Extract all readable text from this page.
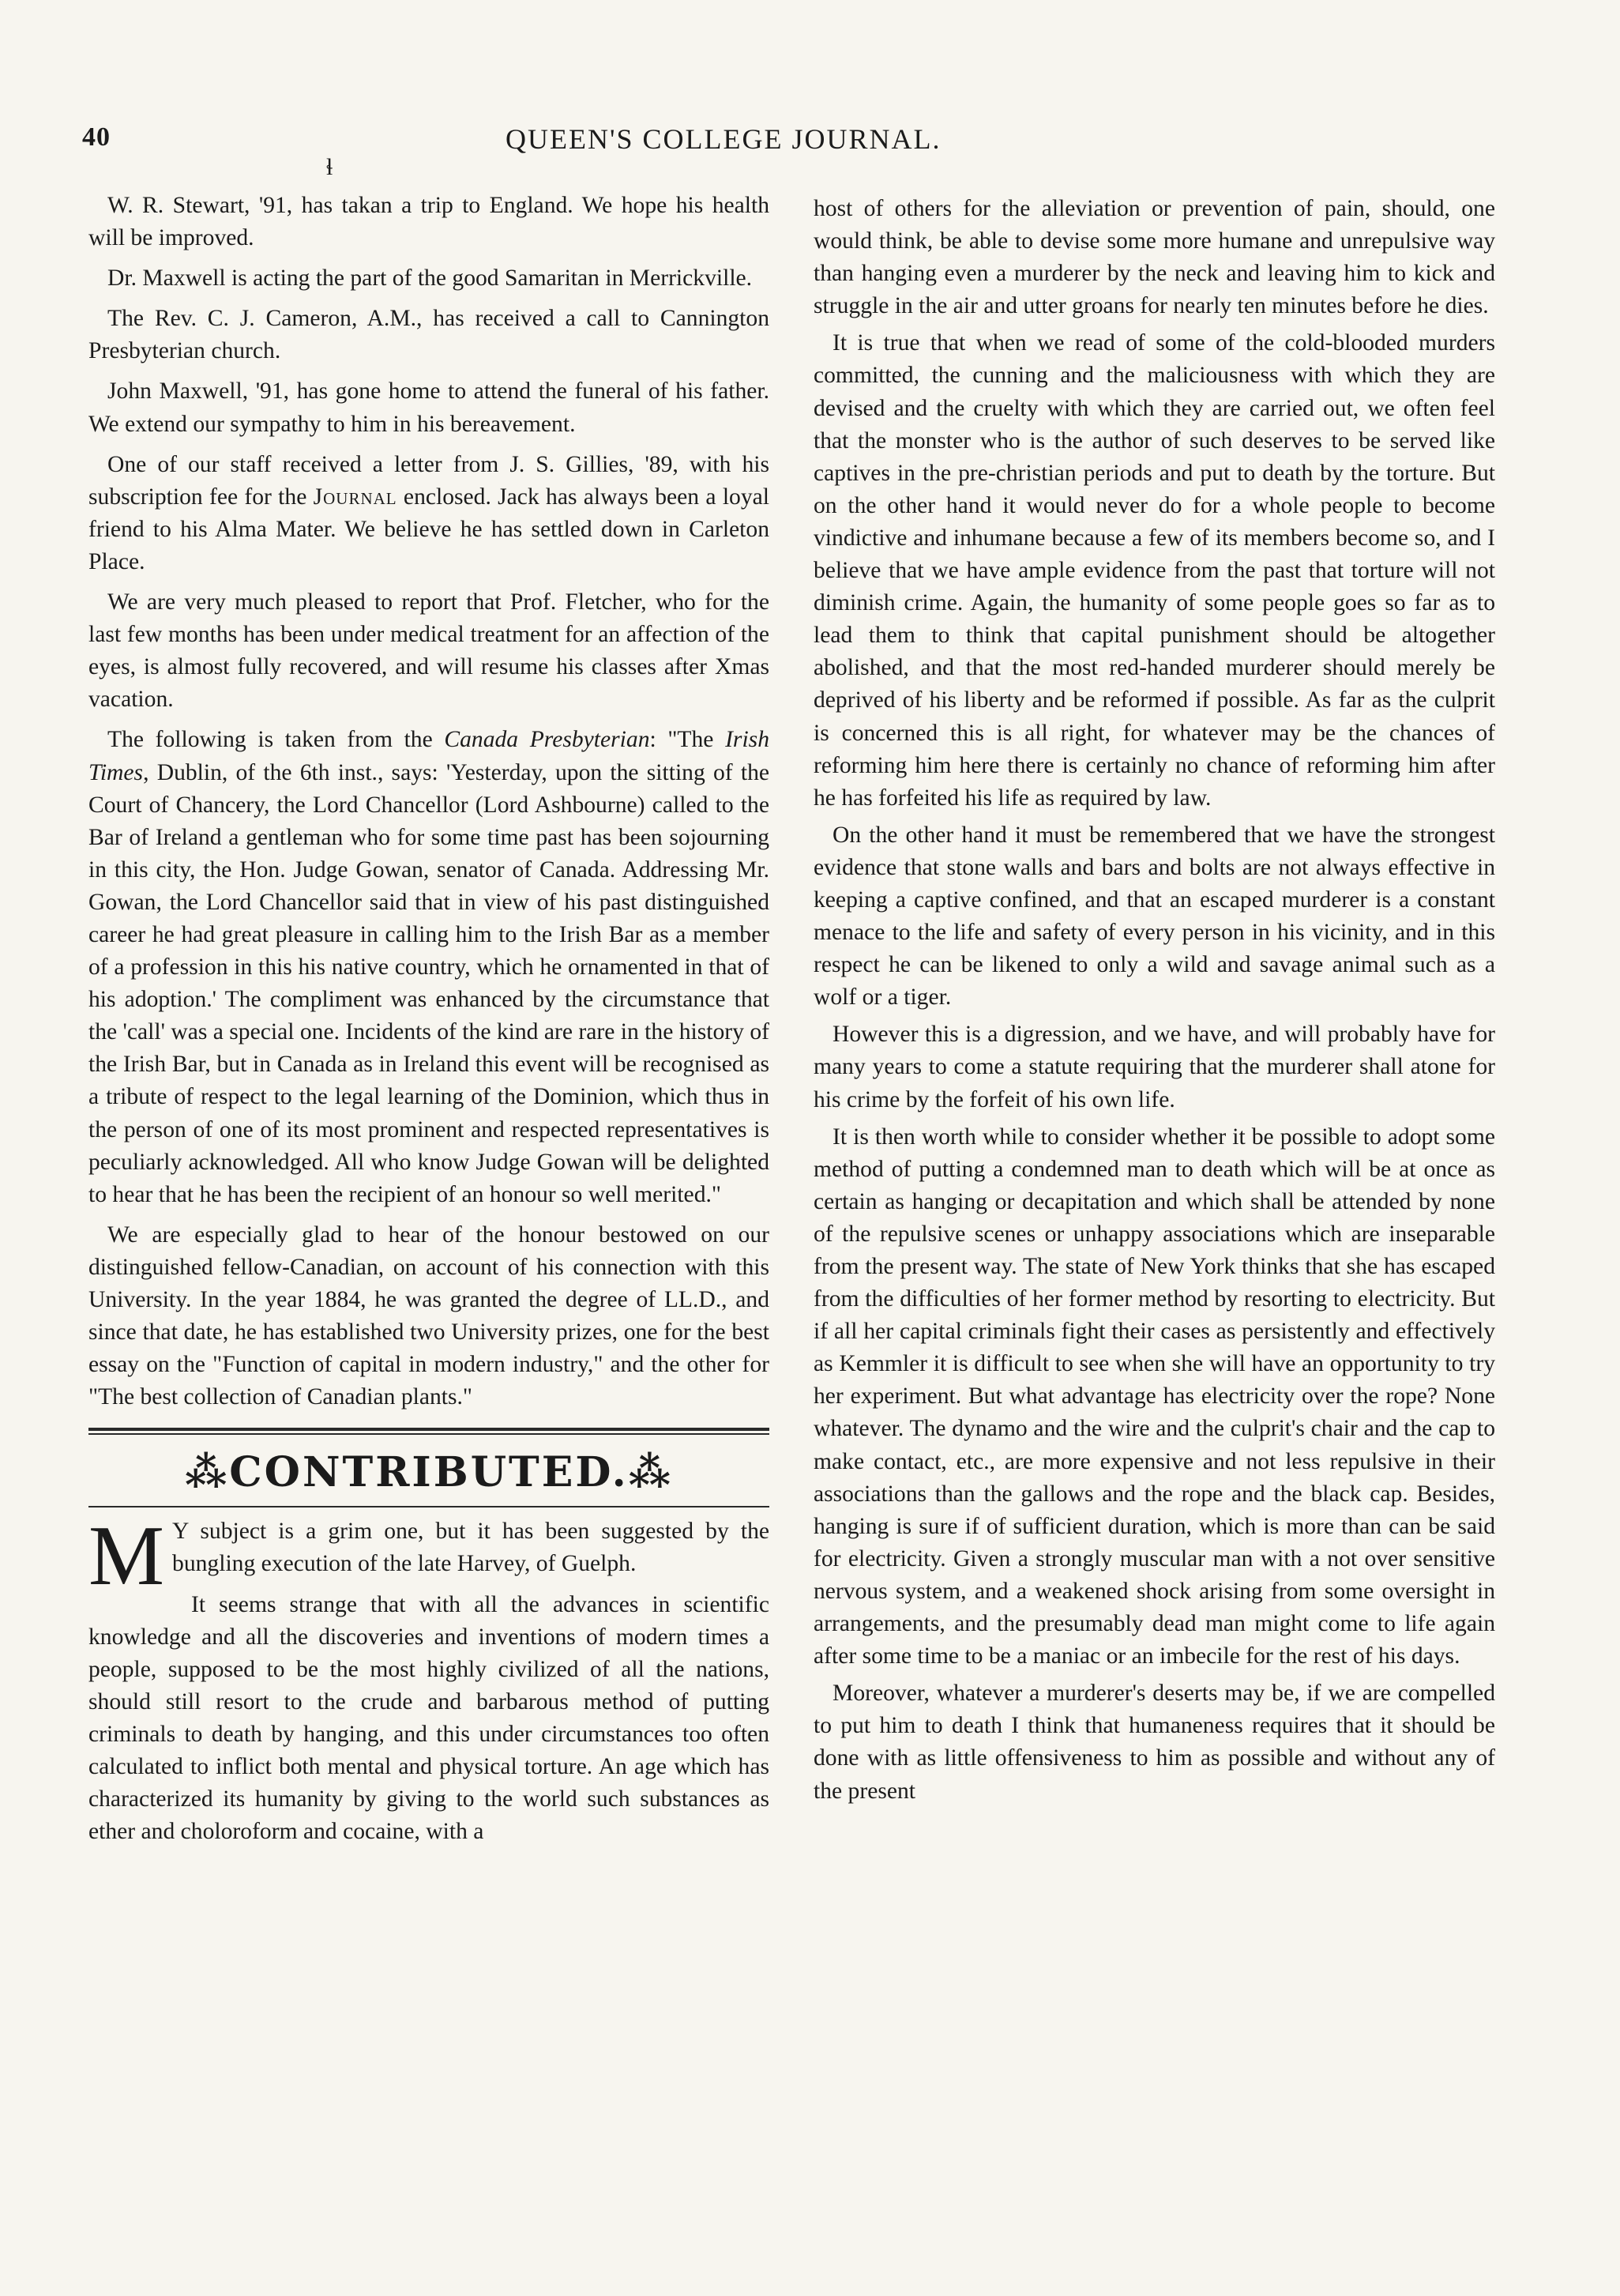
40	QUEEN'S COLLEGE JOURNAL.
ɬ

W. R. Stewart, '91, has takan a trip to England. We hope his health will be improved.

Dr. Maxwell is acting the part of the good Samaritan in Merrickville.

The Rev. C. J. Cameron, A.M., has received a call to Cannington Presbyterian church.

John Maxwell, '91, has gone home to attend the funeral of his father. We extend our sympathy to him in his bereavement.

One of our staff received a letter from J. S. Gillies, '89, with his subscription fee for the Journal enclosed. Jack has always been a loyal friend to his Alma Mater. We believe he has settled down in Carleton Place.

We are very much pleased to report that Prof. Fletcher, who for the last few months has been under medical treatment for an affection of the eyes, is almost fully recovered, and will resume his classes after Xmas vacation.

The following is taken from the Canada Presbyterian: "The Irish Times, Dublin, of the 6th inst., says: 'Yesterday, upon the sitting of the Court of Chancery, the Lord Chancellor (Lord Ashbourne) called to the Bar of Ireland a gentleman who for some time past has been sojourning in this city, the Hon. Judge Gowan, senator of Canada. Addressing Mr. Gowan, the Lord Chancellor said that in view of his past distinguished career he had great pleasure in calling him to the Irish Bar as a member of a profession in this his native country, which he ornamented in that of his adoption.' The compliment was enhanced by the circumstance that the 'call' was a special one. Incidents of the kind are rare in the history of the Irish Bar, but in Canada as in Ireland this event will be recognised as a tribute of respect to the legal learning of the Dominion, which thus in the person of one of its most prominent and respected representatives is peculiarly acknowledged. All who know Judge Gowan will be delighted to hear that he has been the recipient of an honour so well merited."

We are especially glad to hear of the honour bestowed on our distinguished fellow-Canadian, on account of his connection with this University. In the year 1884, he was granted the degree of LL.D., and since that date, he has established two University prizes, one for the best essay on the "Function of capital in modern industry," and the other for "The best collection of Canadian plants."

⁂CONTRIBUTED.⁂

M Y subject is a grim one, but it has been suggested by the bungling execution of the late Harvey, of Guelph.

It seems strange that with all the advances in scientific knowledge and all the discoveries and inventions of modern times a people, supposed to be the most highly civilized of all the nations, should still resort to the crude and barbarous method of putting criminals to death by hanging, and this under circumstances too often calculated to inflict both mental and physical torture. An age which has characterized its humanity by giving to the world such substances as ether and choloroform and cocaine, with a

host of others for the alleviation or prevention of pain, should, one would think, be able to devise some more humane and unrepulsive way than hanging even a murderer by the neck and leaving him to kick and struggle in the air and utter groans for nearly ten minutes before he dies.

It is true that when we read of some of the cold-blooded murders committed, the cunning and the maliciousness with which they are devised and the cruelty with which they are carried out, we often feel that the monster who is the author of such deserves to be served like captives in the pre-christian periods and put to death by the torture. But on the other hand it would never do for a whole people to become vindictive and inhumane because a few of its members become so, and I believe that we have ample evidence from the past that torture will not diminish crime. Again, the humanity of some people goes so far as to lead them to think that capital punishment should be altogether abolished, and that the most red-handed murderer should merely be deprived of his liberty and be reformed if possible. As far as the culprit is concerned this is all right, for whatever may be the chances of reforming him here there is certainly no chance of reforming him after he has forfeited his life as required by law.

On the other hand it must be remembered that we have the strongest evidence that stone walls and bars and bolts are not always effective in keeping a captive confined, and that an escaped murderer is a constant menace to the life and safety of every person in his vicinity, and in this respect he can be likened to only a wild and savage animal such as a wolf or a tiger.

However this is a digression, and we have, and will probably have for many years to come a statute requiring that the murderer shall atone for his crime by the forfeit of his own life.

It is then worth while to consider whether it be possible to adopt some method of putting a condemned man to death which will be at once as certain as hanging or decapitation and which shall be attended by none of the repulsive scenes or unhappy associations which are inseparable from the present way. The state of New York thinks that she has escaped from the difficulties of her former method by resorting to electricity. But if all her capital criminals fight their cases as persistently and effectively as Kemmler it is difficult to see when she will have an opportunity to try her experiment. But what advantage has electricity over the rope? None whatever. The dynamo and the wire and the culprit's chair and the cap to make contact, etc., are more expensive and not less repulsive in their associations than the gallows and the rope and the black cap. Besides, hanging is sure if of sufficient duration, which is more than can be said for electricity. Given a strongly muscular man with a not over sensitive nervous system, and a weakened shock arising from some oversight in arrangements, and the presumably dead man might come to life again after some time to be a maniac or an imbecile for the rest of his days.

Moreover, whatever a murderer's deserts may be, if we are compelled to put him to death I think that humaneness requires that it should be done with as little offensiveness to him as possible and without any of the present
